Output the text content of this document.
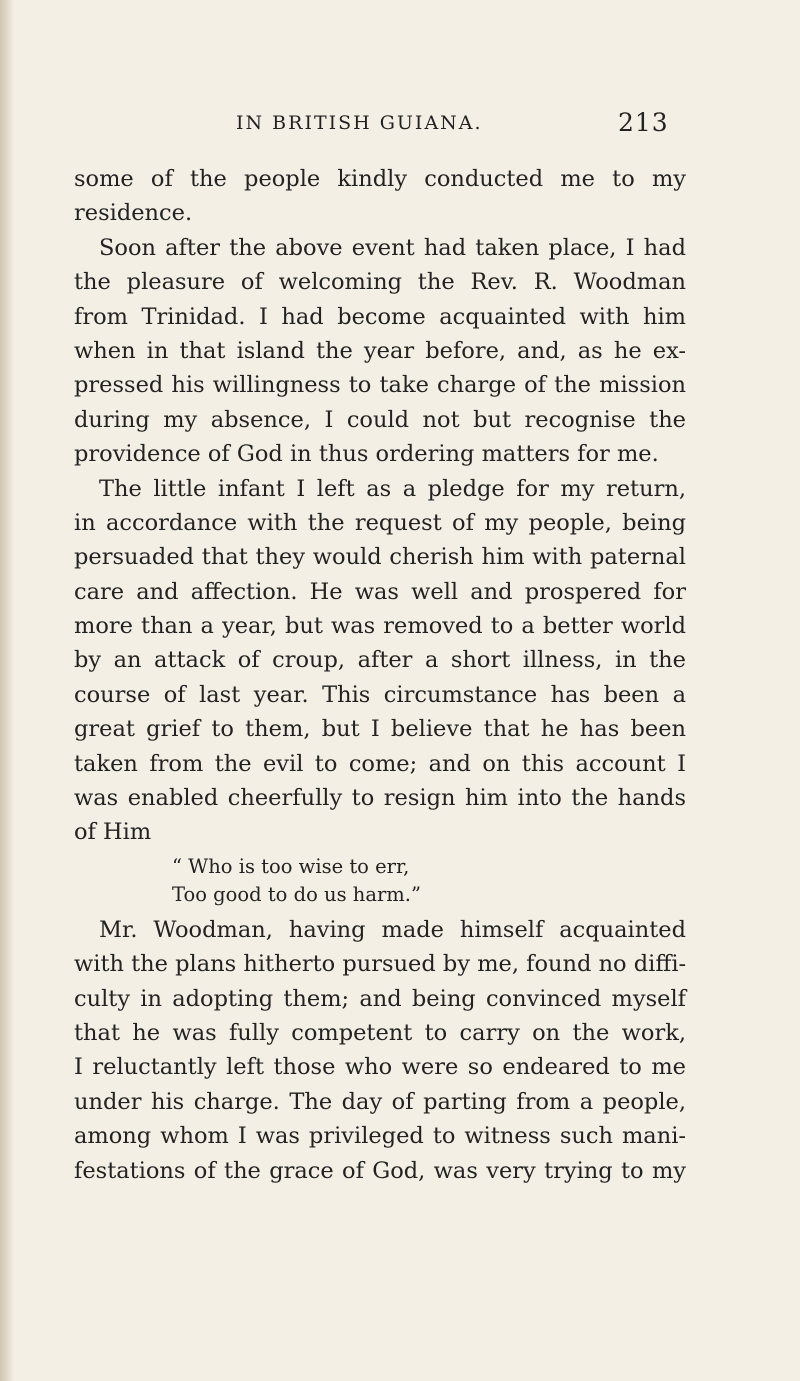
IN BRITISH GUIANA.	213
some of the people kindly conducted me to my
residence.
Soon after the above event had taken place, I had
the pleasure of welcoming the Rev. R. Woodman
from Trinidad. I had become acquainted with him
when in that island the year before, and, as he ex-
pressed his willingness to take charge of the mission
during my absence, I could not but recognise the
providence of God in thus ordering matters for me.
The little infant I left as a pledge for my return,
in accordance with the request of my people, being
persuaded that they would cherish him with paternal
care and affection. He was well and prospered for
more than a year, but was removed to a better world
by an attack of croup, after a short illness, in the
course of last year. This circumstance has been a
great grief to them, but I believe that he has been
taken from the evil to come; and on this account I
was enabled cheerfully to resign him into the hands
of Him
“ Who is too wise to err,
Too good to do us harm.”
Mr. Woodman, having made himself acquainted
with the plans hitherto pursued by me, found no diffi-
culty in adopting them; and being convinced myself
that he was fully competent to carry on the work,
I reluctantly left those who were so endeared to me
under his charge. The day of parting from a people,
among whom I was privileged to witness such mani-
festations of the grace of God, was very trying to my
